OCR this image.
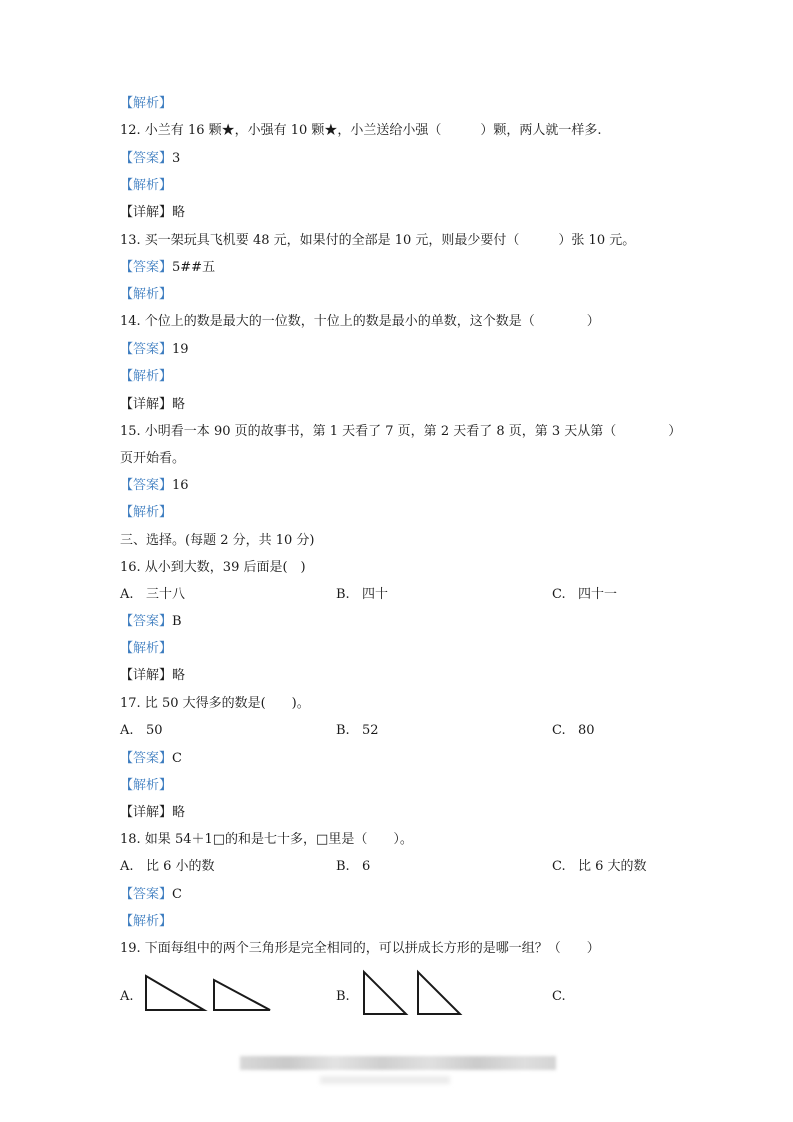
【解析】
12. 小兰有 16 颗★，小强有 10 颗★，小兰送给小强（　　　）颗，两人就一样多.
【答案】3
【解析】
【详解】略
13. 买一架玩具飞机要 48 元，如果付的全部是 10 元，则最少要付（　　　）张 10 元。
【答案】5##五
【解析】
14. 个位上的数是最大的一位数，十位上的数是最小的单数，这个数是（　　　　）
【答案】19
【解析】
【详解】略
15. 小明看一本 90 页的故事书，第 1 天看了 7 页，第 2 天看了 8 页，第 3 天从第（　　　　）
页开始看。
【答案】16
【解析】
三、选择。(每题 2 分，共 10 分)
16. 从小到大数，39 后面是(　)
A. 三十八	B. 四十	C. 四十一
【答案】B
【解析】
【详解】略
17. 比 50 大得多的数是(　　)。
A. 50	B. 52	C. 80
【答案】C
【解析】
【详解】略
18. 如果 54＋1□的和是七十多，□里是（　　）。
A. 比 6 小的数	B. 6	C. 比 6 大的数
【答案】C
【解析】
19. 下面每组中的两个三角形是完全相同的，可以拼成长方形的是哪一组？（　　）
A.	B.	C.
